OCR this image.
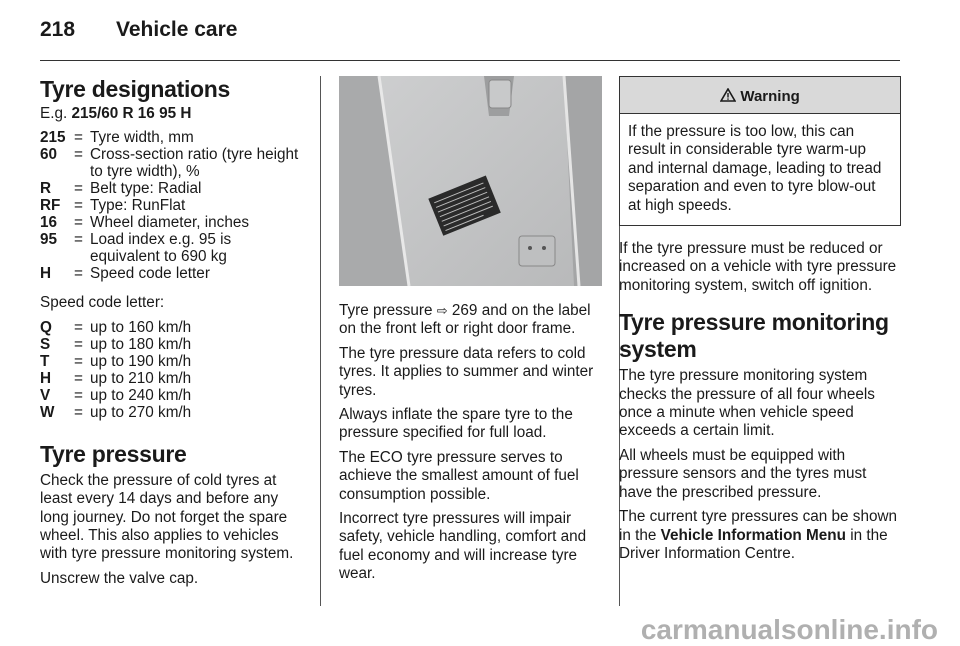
218 Vehicle care
Tyre designations

E.g. 215/60 R 16 95 H

215	=	Tyre width, mm
60	=	Cross-section ratio (tyre height to tyre width), %
R	=	Belt type: Radial
RF	=	Type: RunFlat
16	=	Wheel diameter, inches
95	=	Load index e.g. 95 is equivalent to 690 kg
H	=	Speed code letter

Speed code letter:

Q	=	up to 160 km/h
S	=	up to 180 km/h
T	=	up to 190 km/h
H	=	up to 210 km/h
V	=	up to 240 km/h
W	=	up to 270 km/h
Tyre pressure

Check the pressure of cold tyres at least every 14 days and before any long journey. Do not forget the spare wheel. This also applies to vehicles with tyre pressure monitoring system.

Unscrew the valve cap.

Tyre pressure ⇨ 269 and on the label on the front left or right door frame.

The tyre pressure data refers to cold tyres. It applies to summer and winter tyres.

Always inflate the spare tyre to the pressure specified for full load.

The ECO tyre pressure serves to achieve the smallest amount of fuel consumption possible.

Incorrect tyre pressures will impair safety, vehicle handling, comfort and fuel economy and will increase tyre wear.

Warning
If the pressure is too low, this can result in considerable tyre warm-up and internal damage, leading to tread separation and even to tyre blow-out at high speeds.

If the tyre pressure must be reduced or increased on a vehicle with tyre pressure monitoring system, switch off ignition.

Tyre pressure monitoring system

The tyre pressure monitoring system checks the pressure of all four wheels once a minute when vehicle speed exceeds a certain limit.

All wheels must be equipped with pressure sensors and the tyres must have the prescribed pressure.

The current tyre pressures can be shown in the Vehicle Information Menu in the Driver Information Centre.

carmanualsonline.info
